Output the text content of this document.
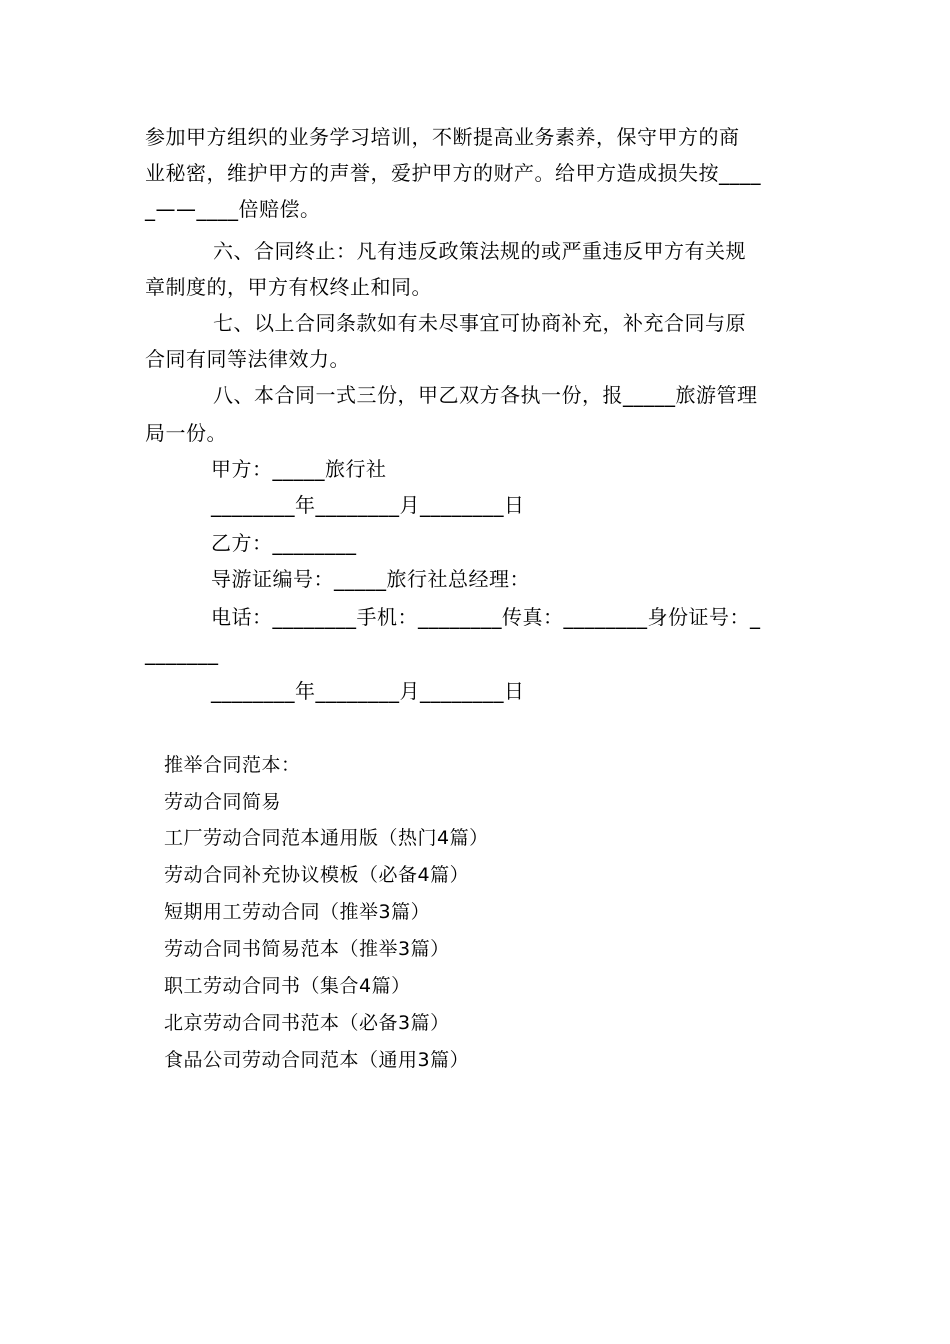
参加甲方组织的业务学习培训，不断提高业务素养，保守甲方的商
业秘密，维护甲方的声誉，爱护甲方的财产。给甲方造成损失按____
_——____倍赔偿。
六、合同终止：凡有违反政策法规的或严重违反甲方有关规
章制度的，甲方有权终止和同。
七、以上合同条款如有未尽事宜可协商补充，补充合同与原
合同有同等法律效力。
八、本合同一式三份，甲乙双方各执一份，报_____旅游管理
局一份。
甲方：_____旅行社
________年________月________日
乙方：________
导游证编号：_____旅行社总经理：
电话：________手机：________传真：________身份证号：_
_______
________年________月________日
推举合同范本：
劳动合同简易
工厂劳动合同范本通用版（热门4篇）
劳动合同补充协议模板（必备4篇）
短期用工劳动合同（推举3篇）
劳动合同书简易范本（推举3篇）
职工劳动合同书（集合4篇）
北京劳动合同书范本（必备3篇）
食品公司劳动合同范本（通用3篇）
